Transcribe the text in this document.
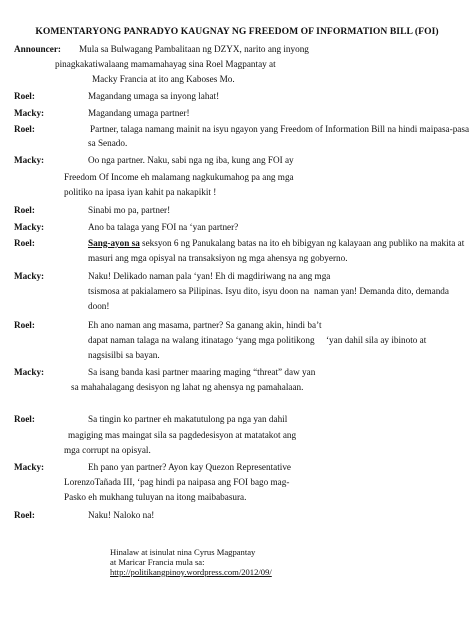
KOMENTARYONG PANRADYO KAUGNAY NG FREEDOM OF INFORMATION BILL (FOI)
Announcer: Mula sa Bulwagang Pambalitaan ng DZYX, narito ang inyong
pinagkakatiwalaang mamamahayag sina Roel Magpantay at
Macky Francia at ito ang Kaboses Mo.
Roel:	Magandang umaga sa inyong lahat!
Macky:	Magandang umaga partner!
Roel:	Partner, talaga namang mainit na isyu ngayon yang Freedom of Information Bill na hindi maipasa-pasa
sa Senado.
Macky:	Oo nga partner. Naku, sabi nga ng iba, kung ang FOI ay
Freedom Of Income eh malamang nagkukumahog pa ang mga
politiko na ipasa iyan kahit pa nakapikit !
Roel:	Sinabi mo pa, partner!
Macky:	Ano ba talaga yang FOI na ‘yan partner?
Roel:	Sang-ayon sa seksyon 6 ng Panukalang batas na ito eh bibigyan ng kalayaan ang publiko na makita at
masuri ang mga opisyal na transaksiyon ng mga ahensya ng gobyerno.
Macky:	Naku! Delikado naman pala ‘yan! Eh di magdiriwang na ang mga
tsismosa at pakialamero sa Pilipinas. Isyu dito, isyu doon na naman yan! Demanda dito, demanda
doon!
Roel:	Eh ano naman ang masama, partner? Sa ganang akin, hindi ba’t
dapat naman talaga na walang itinatago ‘yang mga politikong ‘yan dahil sila ay ibinoto at
nagsisilbi sa bayan.
Macky:	Sa isang banda kasi partner maaring maging “threat” daw yan
sa mahahalagang desisyon ng lahat ng ahensya ng pamahalaan.
Roel:	Sa tingin ko partner eh makatutulong pa nga yan dahil
magiging mas maingat sila sa pagdedesisyon at matatakot ang
mga corrupt na opisyal.
Macky:	Eh pano yan partner? Ayon kay Quezon Representative
LorenzoTañada III, ‘pag hindi pa naipasa ang FOI bago mag-
Pasko eh mukhang tuluyan na itong maibabasura.
Roel:	Naku! Naloko na!
Hinalaw at isinulat nina Cyrus Magpantay
at Maricar Francia mula sa:
http://politikangpinoy.wordpress.com/2012/09/
